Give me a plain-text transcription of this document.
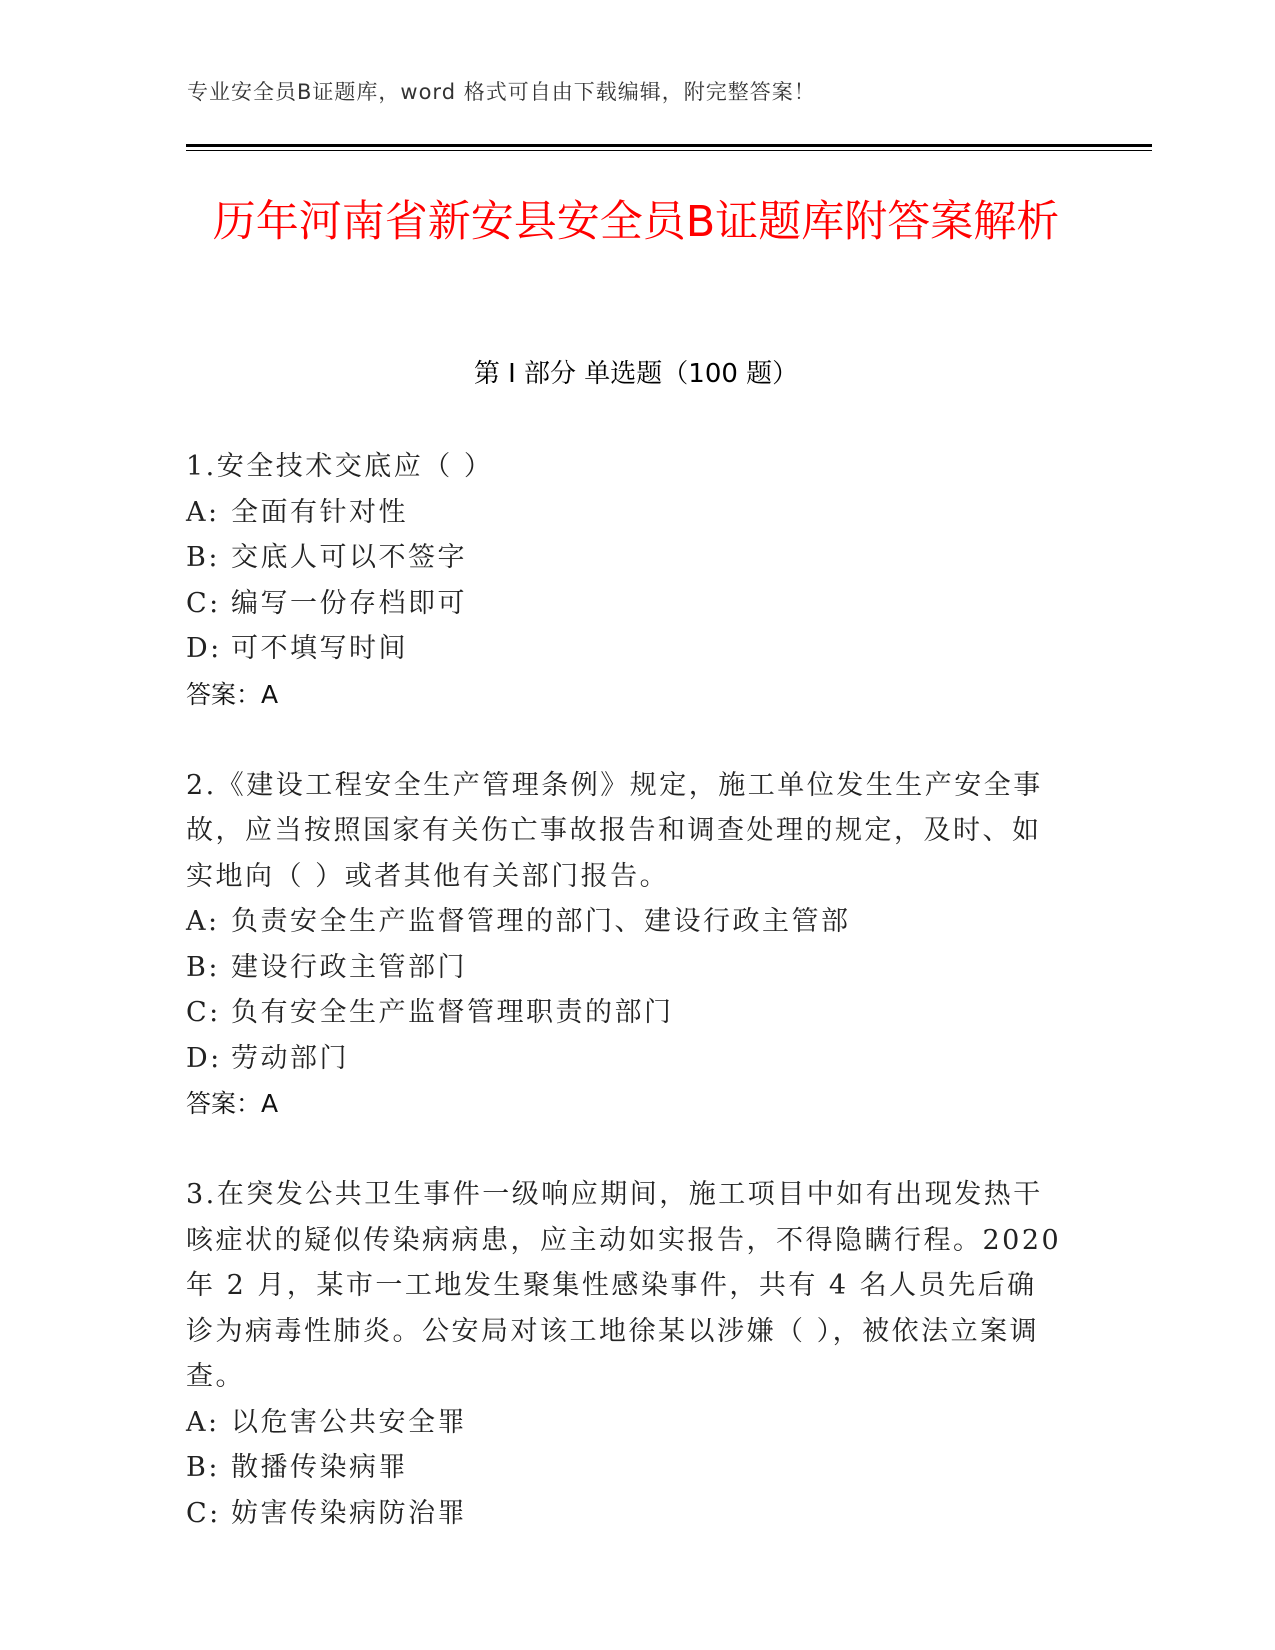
专业安全员B证题库，word 格式可自由下载编辑，附完整答案！
历年河南省新安县安全员B证题库附答案解析
第 I 部分 单选题（100 题）
1.安全技术交底应（ ）
A: 全面有针对性
B: 交底人可以不签字
C: 编写一份存档即可
D: 可不填写时间
答案：A
2.《建设工程安全生产管理条例》规定，施工单位发生生产安全事故，应当按照国家有关伤亡事故报告和调查处理的规定，及时、如实地向（ ）或者其他有关部门报告。
A: 负责安全生产监督管理的部门、建设行政主管部
B: 建设行政主管部门
C: 负有安全生产监督管理职责的部门
D: 劳动部门
答案：A
3.在突发公共卫生事件一级响应期间，施工项目中如有出现发热干咳症状的疑似传染病病患，应主动如实报告，不得隐瞒行程。2020 年 2 月，某市一工地发生聚集性感染事件，共有 4 名人员先后确诊为病毒性肺炎。公安局对该工地徐某以涉嫌（ ），被依法立案调查。
A: 以危害公共安全罪
B: 散播传染病罪
C: 妨害传染病防治罪
